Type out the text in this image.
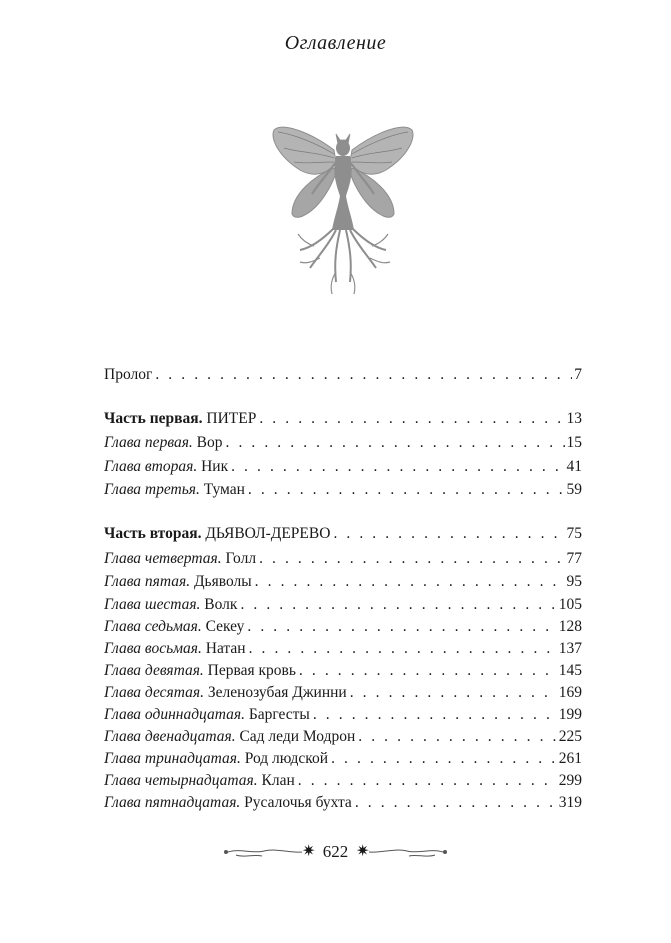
Оглавление
Пролог . . .	7
Часть первая. ПИТЕР . . .	13
Глава первая. Вор . . .	15
Глава вторая. Ник . . .	41
Глава третья. Туман . . .	59
Часть вторая. ДЬЯВОЛ-ДЕРЕВО . . .	75
Глава четвертая. Голл . . .	77
Глава пятая. Дьяволы . . .	95
Глава шестая. Волк . . .	105
Глава седьмая. Секеу . . .	128
Глава восьмая. Натан . . .	137
Глава девятая. Первая кровь . . .	145
Глава десятая. Зеленозубая Джинни . . .	169
Глава одиннадцатая. Баргесты . . .	199
Глава двенадцатая. Сад леди Модрон . . .	225
Глава тринадцатая. Род людской . . .	261
Глава четырнадцатая. Клан . . .	299
Глава пятнадцатая. Русалочья бухта . . .	319
✷ 622 ✷
